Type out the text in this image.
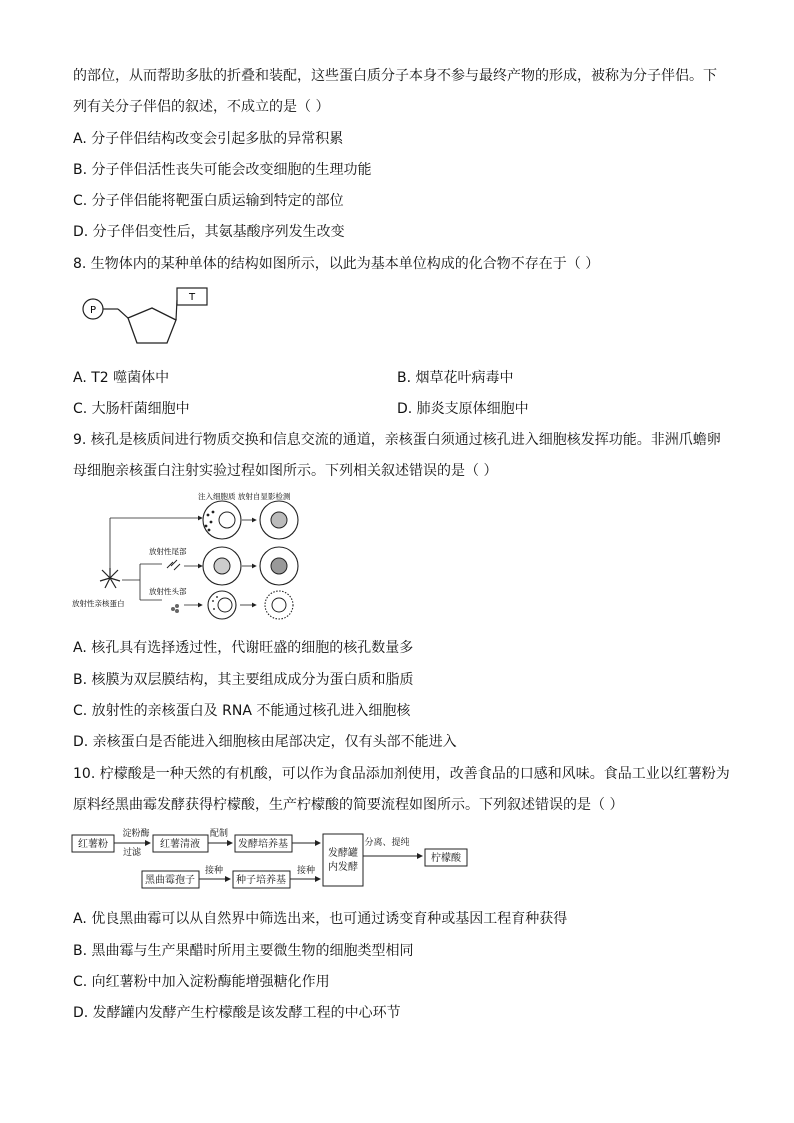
的部位，从而帮助多肽的折叠和装配，这些蛋白质分子本身不参与最终产物的形成，被称为分子伴侣。下
列有关分子伴侣的叙述，不成立的是（ ）
A. 分子伴侣结构改变会引起多肽的异常积累
B. 分子伴侣活性丧失可能会改变细胞的生理功能
C. 分子伴侣能将靶蛋白质运输到特定的部位
D. 分子伴侣变性后，其氨基酸序列发生改变
8. 生物体内的某种单体的结构如图所示，以此为基本单位构成的化合物不存在于（ ）
P
T
A. T2 噬菌体中	B. 烟草花叶病毒中
C. 大肠杆菌细胞中	D. 肺炎支原体细胞中
9. 核孔是核质间进行物质交换和信息交流的通道，亲核蛋白须通过核孔进入细胞核发挥功能。非洲爪蟾卵
母细胞亲核蛋白注射实验过程如图所示。下列相关叙述错误的是（ ）
注入细胞质 放射自显影检测
放射性亲核蛋白
放射性尾部
放射性头部
A. 核孔具有选择透过性，代谢旺盛的细胞的核孔数量多
B. 核膜为双层膜结构，其主要组成成分为蛋白质和脂质
C. 放射性的亲核蛋白及 RNA 不能通过核孔进入细胞核
D. 亲核蛋白是否能进入细胞核由尾部决定，仅有头部不能进入
10. 柠檬酸是一种天然的有机酸，可以作为食品添加剂使用，改善食品的口感和风味。食品工业以红薯粉为
原料经黑曲霉发酵获得柠檬酸，生产柠檬酸的简要流程如图所示。下列叙述错误的是（ ）
红薯粉
淀粉酶
过滤
红薯清液
配制
发酵培养基
发酵罐
内发酵
分离、提纯
柠檬酸
黑曲霉孢子
接种
种子培养基
接种
A. 优良黑曲霉可以从自然界中筛选出来，也可通过诱变育种或基因工程育种获得
B. 黑曲霉与生产果醋时所用主要微生物的细胞类型相同
C. 向红薯粉中加入淀粉酶能增强糖化作用
D. 发酵罐内发酵产生柠檬酸是该发酵工程的中心环节
